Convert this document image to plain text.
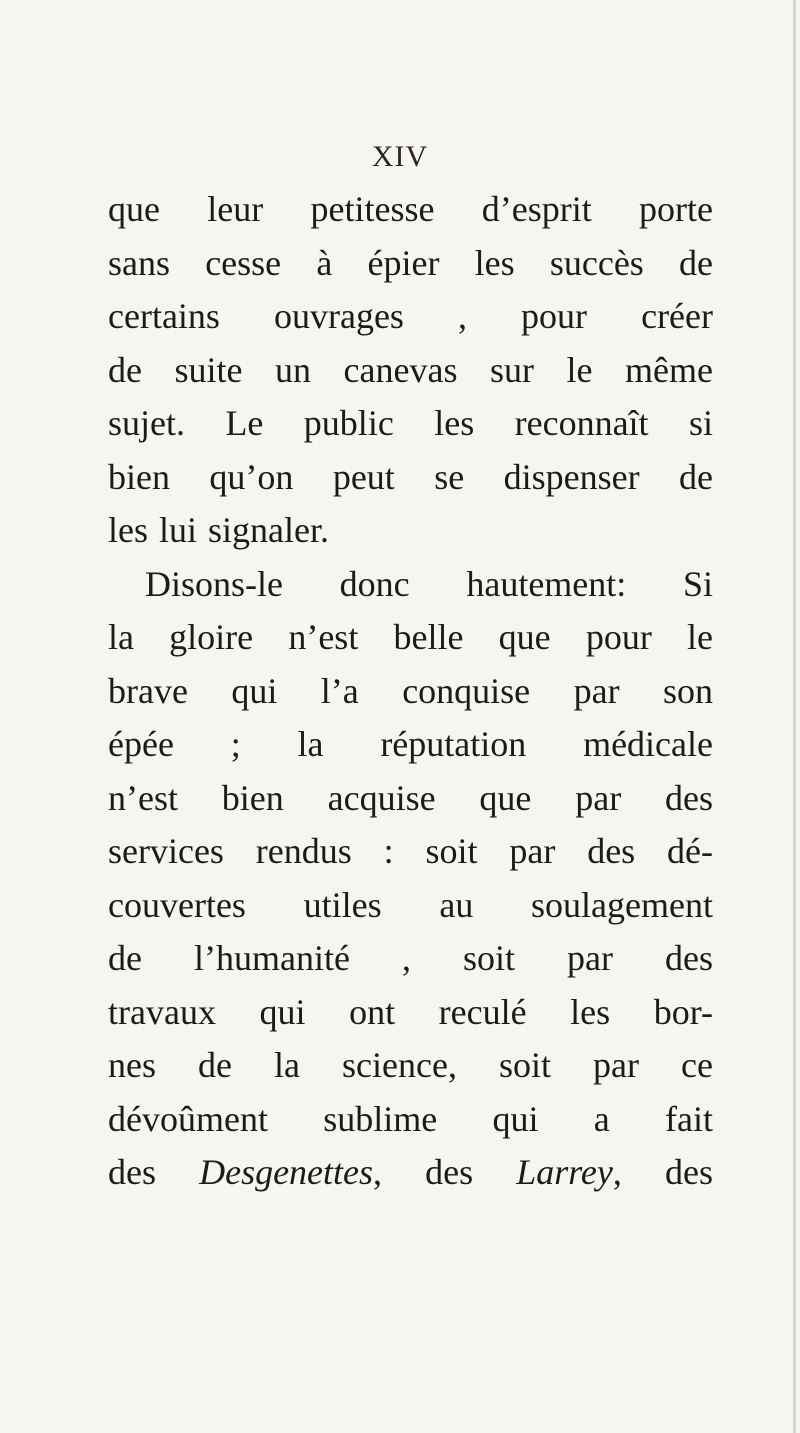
XIV
que leur petitesse d’esprit porte
sans cesse à épier les succès de
certains ouvrages , pour créer
de suite un canevas sur le même
sujet. Le public les reconnaît si
bien qu’on peut se dispenser de
les lui signaler.
Disons-le donc hautement: Si
la gloire n’est belle que pour le
brave qui l’a conquise par son
épée ; la réputation médicale
n’est bien acquise que par des
services rendus : soit par des dé-
couvertes utiles au soulagement
de l’humanité , soit par des
travaux qui ont reculé les bor-
nes de la science, soit par ce
dévoûment sublime qui a fait
des Desgenettes, des Larrey, des
